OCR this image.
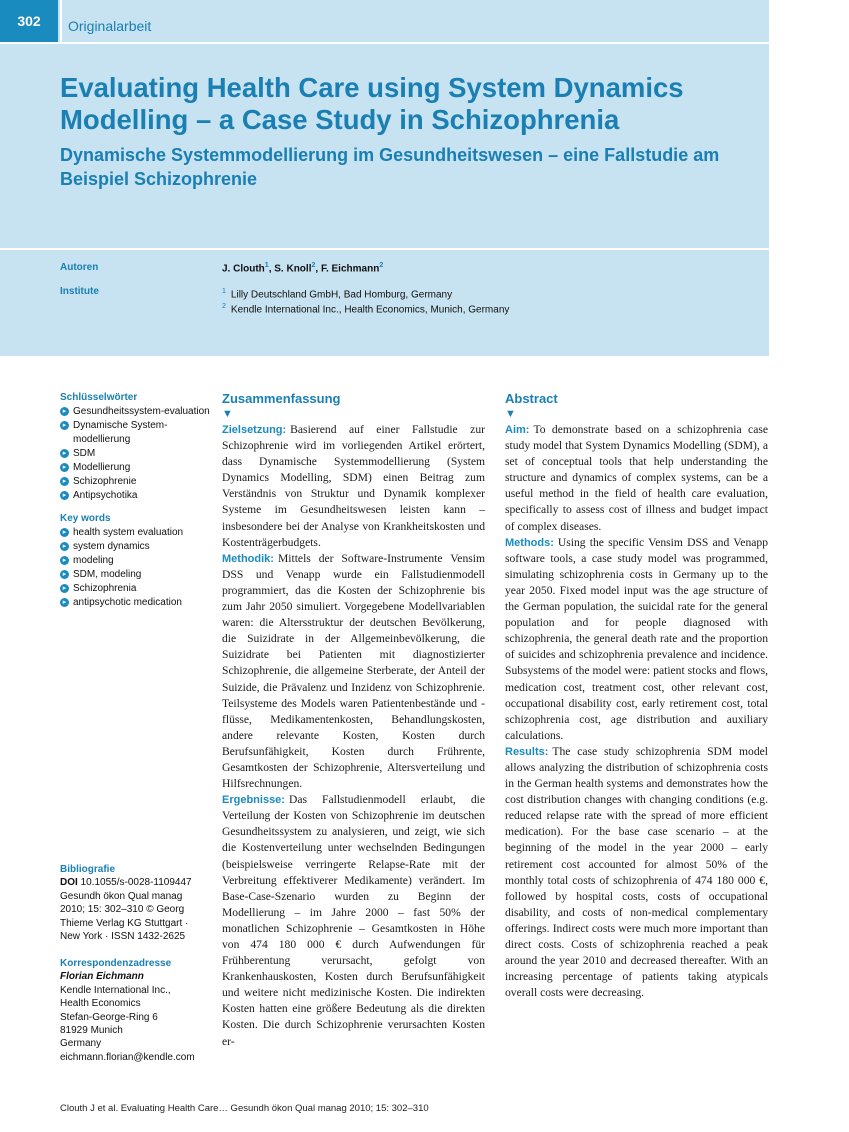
302	Originalarbeit
Evaluating Health Care using System Dynamics Modelling – a Case Study in Schizophrenia
Dynamische Systemmodellierung im Gesundheitswesen – eine Fallstudie am Beispiel Schizophrenie
Autoren	J. Clouth$^1$, S. Knoll$^2$, F. Eichmann$^2$
Institute	$^1$ Lilly Deutschland GmbH, Bad Homburg, Germany
$^2$ Kendle International Inc., Health Economics, Munich, Germany
Schlüsselwörter
▸ Gesundheitssystem-evaluation
▸ Dynamische System-modellierung
▸ SDM
▸ Modellierung
▸ Schizophrenie
▸ Antipsychotika
Key words
▸ health system evaluation
▸ system dynamics
▸ modeling
▸ SDM, modeling
▸ Schizophrenia
▸ antipsychotic medication
Bibliografie
DOI 10.1055/s-0028-1109447
Gesundh ökon Qual manag 2010; 15: 302–310 © Georg Thieme Verlag KG Stuttgart · New York · ISSN 1432-2625
Korrespondenzadresse
Florian Eichmann
Kendle International Inc.,
Health Economics
Stefan-George-Ring 6
81929 Munich
Germany
eichmann.florian@kendle.com
Zusammenfassung
▼

Zielsetzung: Basierend auf einer Fallstudie zur Schizophrenie wird im vorliegenden Artikel erörtert, dass Dynamische Systemmodellierung (System Dynamics Modelling, SDM) einen Beitrag zum Verständnis von Struktur und Dynamik komplexer Systeme im Gesundheitswesen leisten kann – insbesondere bei der Analyse von Krankheitskosten und Kostenträgerbudgets.

Methodik: Mittels der Software-Instrumente Vensim DSS und Venapp wurde ein Fallstudienmodell programmiert, das die Kosten der Schizophrenie bis zum Jahr 2050 simuliert. Vorgegebene Modellvariablen waren: die Altersstruktur der deutschen Bevölkerung, die Suizidrate in der Allgemeinbevölkerung, die Suizidrate bei Patienten mit diagnostizierter Schizophrenie, die allgemeine Sterberate, der Anteil der Suizide, die Prävalenz und Inzidenz von Schizophrenie. Teilsysteme des Models waren Patientenbestände und -flüsse, Medikamentenkosten, Behandlungskosten, andere relevante Kosten, Kosten durch Berufsunfähigkeit, Kosten durch Frührente, Gesamtkosten der Schizophrenie, Altersverteilung und Hilfsrechnungen.

Ergebnisse: Das Fallstudienmodell erlaubt, die Verteilung der Kosten von Schizophrenie im deutschen Gesundheitssystem zu analysieren, und zeigt, wie sich die Kostenverteilung unter wechselnden Bedingungen (beispielsweise verringerte Relapse-Rate mit der Verbreitung effektiverer Medikamente) verändert. Im Base-Case-Szenario wurden zu Beginn der Modellierung – im Jahre 2000 – fast 50% der monatlichen Schizophrenie – Gesamtkosten in Höhe von 474 180 000 € durch Aufwendungen für Frühberentung verursacht, gefolgt von Krankenhauskosten, Kosten durch Berufsunfähigkeit und weitere nicht medizinische Kosten. Die indirekten Kosten hatten eine größere Bedeutung als die direkten Kosten. Die durch Schizophrenie verursachten Kosten er-

Abstract
▼

Aim: To demonstrate based on a schizophrenia case study model that System Dynamics Modelling (SDM), a set of conceptual tools that help understanding the structure and dynamics of complex systems, can be a useful method in the field of health care evaluation, specifically to assess cost of illness and budget impact of complex diseases.

Methods: Using the specific Vensim DSS and Venapp software tools, a case study model was programmed, simulating schizophrenia costs in Germany up to the year 2050. Fixed model input was the age structure of the German population, the suicidal rate for the general population and for people diagnosed with schizophrenia, the general death rate and the proportion of suicides and schizophrenia prevalence and incidence. Subsystems of the model were: patient stocks and flows, medication cost, treatment cost, other relevant cost, occupational disability cost, early retirement cost, total schizophrenia cost, age distribution and auxiliary calculations.

Results: The case study schizophrenia SDM model allows analyzing the distribution of schizophrenia costs in the German health systems and demonstrates how the cost distribution changes with changing conditions (e.g. reduced relapse rate with the spread of more efficient medication). For the base case scenario – at the beginning of the model in the year 2000 – early retirement cost accounted for almost 50% of the monthly total costs of schizophrenia of 474 180 000 €, followed by hospital costs, costs of occupational disability, and costs of non-medical complementary offerings. Indirect costs were much more important than direct costs. Costs of schizophrenia reached a peak around the year 2010 and decreased thereafter. With an increasing percentage of patients taking atypicals overall costs were decreasing.

Clouth J et al. Evaluating Health Care… Gesundh ökon Qual manag 2010; 15: 302–310
